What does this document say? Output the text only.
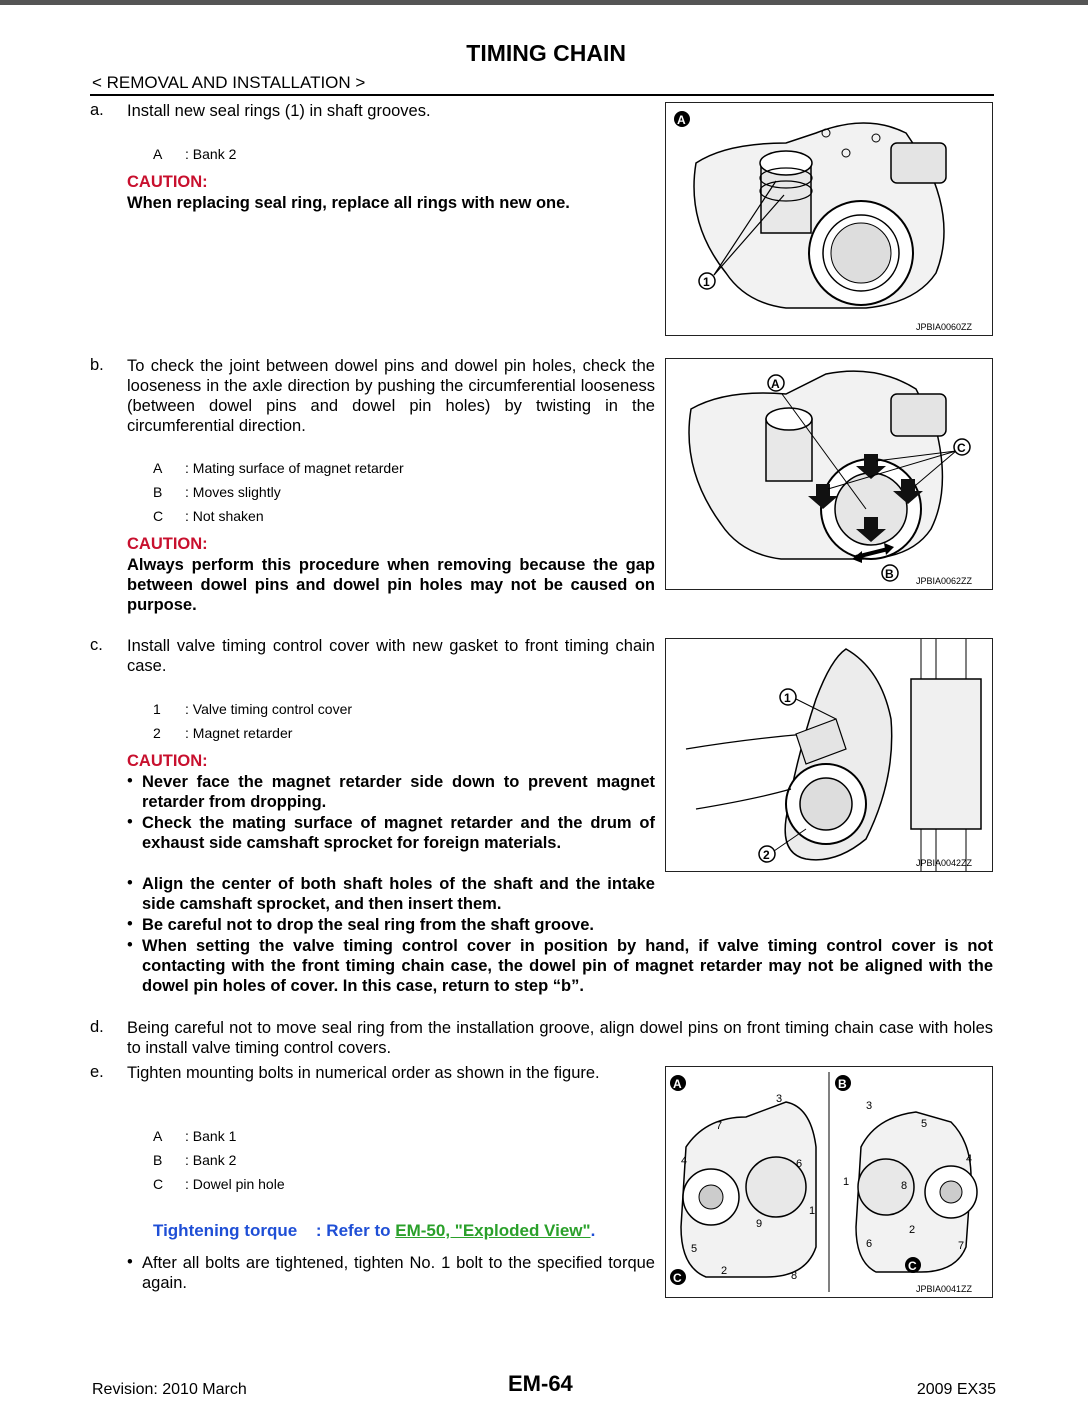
TIMING CHAIN
< REMOVAL AND INSTALLATION >
a. Install new seal rings (1) in shaft grooves.
A : Bank 2
CAUTION:
When replacing seal ring, replace all rings with new one.
1
A
JPBIA0060ZZ
b. To check the joint between dowel pins and dowel pin holes, check the looseness in the axle direction by pushing the circumferential looseness (between dowel pins and dowel pin holes) by twisting in the circumferential direction.
A : Mating surface of magnet retarder
B : Moves slightly
C : Not shaken
CAUTION:
Always perform this procedure when removing because the gap between dowel pins and dowel pin holes may not be caused on purpose.
A
C
B JPBIA0062ZZ
c. Install valve timing control cover with new gasket to front timing chain case.
1 : Valve timing control cover
2 : Magnet retarder
CAUTION:
• Never face the magnet retarder side down to prevent magnet retarder from dropping.
• Check the mating surface of magnet retarder and the drum of exhaust side camshaft sprocket for foreign materials.
• Align the center of both shaft holes of the shaft and the intake side camshaft sprocket, and then insert them.
• Be careful not to drop the seal ring from the shaft groove.
• When setting the valve timing control cover in position by hand, if valve timing control cover is not contacting with the front timing chain case, the dowel pin of magnet retarder may not be aligned with the dowel pin holes of cover. In this case, return to step “b”.
1
2
JPBIA0042ZZ
d. Being careful not to move seal ring from the installation groove, align dowel pins on front timing chain case with holes to install valve timing control covers.
e. Tighten mounting bolts in numerical order as shown in the figure.
A : Bank 1
B : Bank 2
C : Dowel pin hole
Tightening torque : Refer to EM-50, "Exploded View".
• After all bolts are tightened, tighten No. 1 bolt to the specified torque again.
3
7
4	6
1
9
5
2	8
A
C
3
5
4
1	8
2
6	7
B
C
JPBIA0041ZZ
Revision: 2010 March	EM-64	2009 EX35
